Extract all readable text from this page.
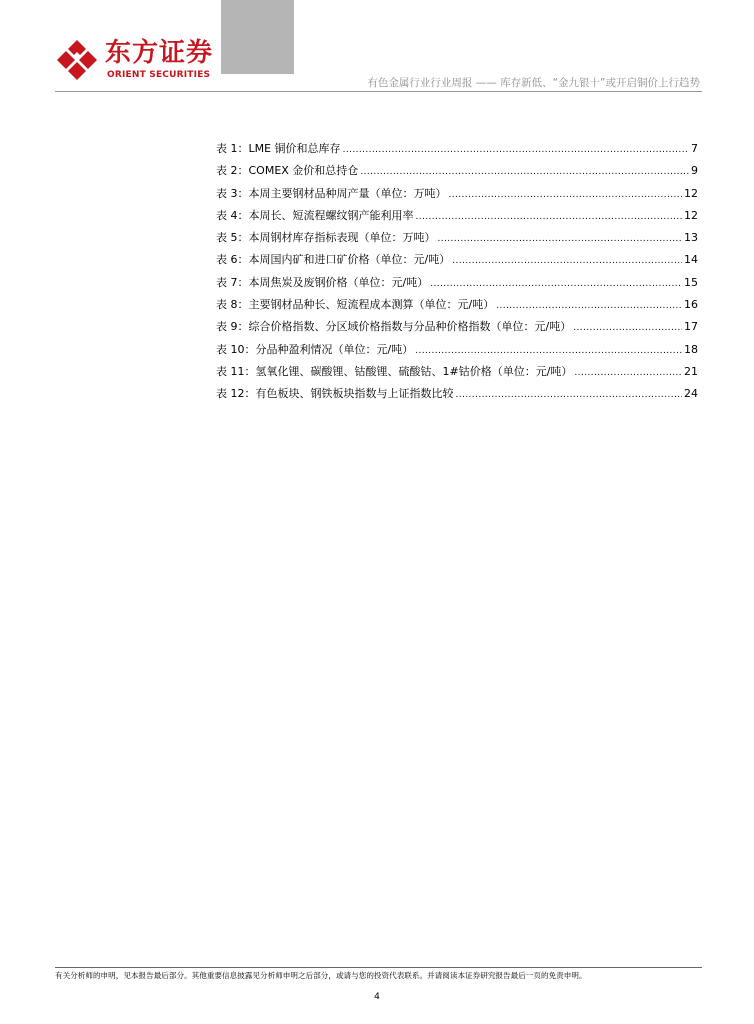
东方证券
ORIENT SECURITIES
有色金属行业行业周报 —— 库存新低、“金九银十”或开启铜价上行趋势
表 1：LME 铜价和总库存 .....	7
表 2：COMEX 金价和总持仓 .....	9
表 3：本周主要钢材品种周产量（单位：万吨） .....	12
表 4：本周长、短流程螺纹钢产能利用率 .....	12
表 5：本周钢材库存指标表现（单位：万吨） .....	13
表 6：本周国内矿和进口矿价格（单位：元/吨） .....	14
表 7：本周焦炭及废钢价格（单位：元/吨） .....	15
表 8：主要钢材品种长、短流程成本测算（单位：元/吨） .....	16
表 9：综合价格指数、分区域价格指数与分品种价格指数（单位：元/吨） .....	17
表 10：分品种盈利情况（单位：元/吨） .....	18
表 11：氢氧化锂、碳酸锂、钴酸锂、硫酸钴、1#钴价格（单位：元/吨） .....	21
表 12：有色板块、钢铁板块指数与上证指数比较 .....	24
有关分析师的申明，见本报告最后部分。其他重要信息披露见分析师申明之后部分，或请与您的投资代表联系。并请阅读本证券研究报告最后一页的免责申明。
4
